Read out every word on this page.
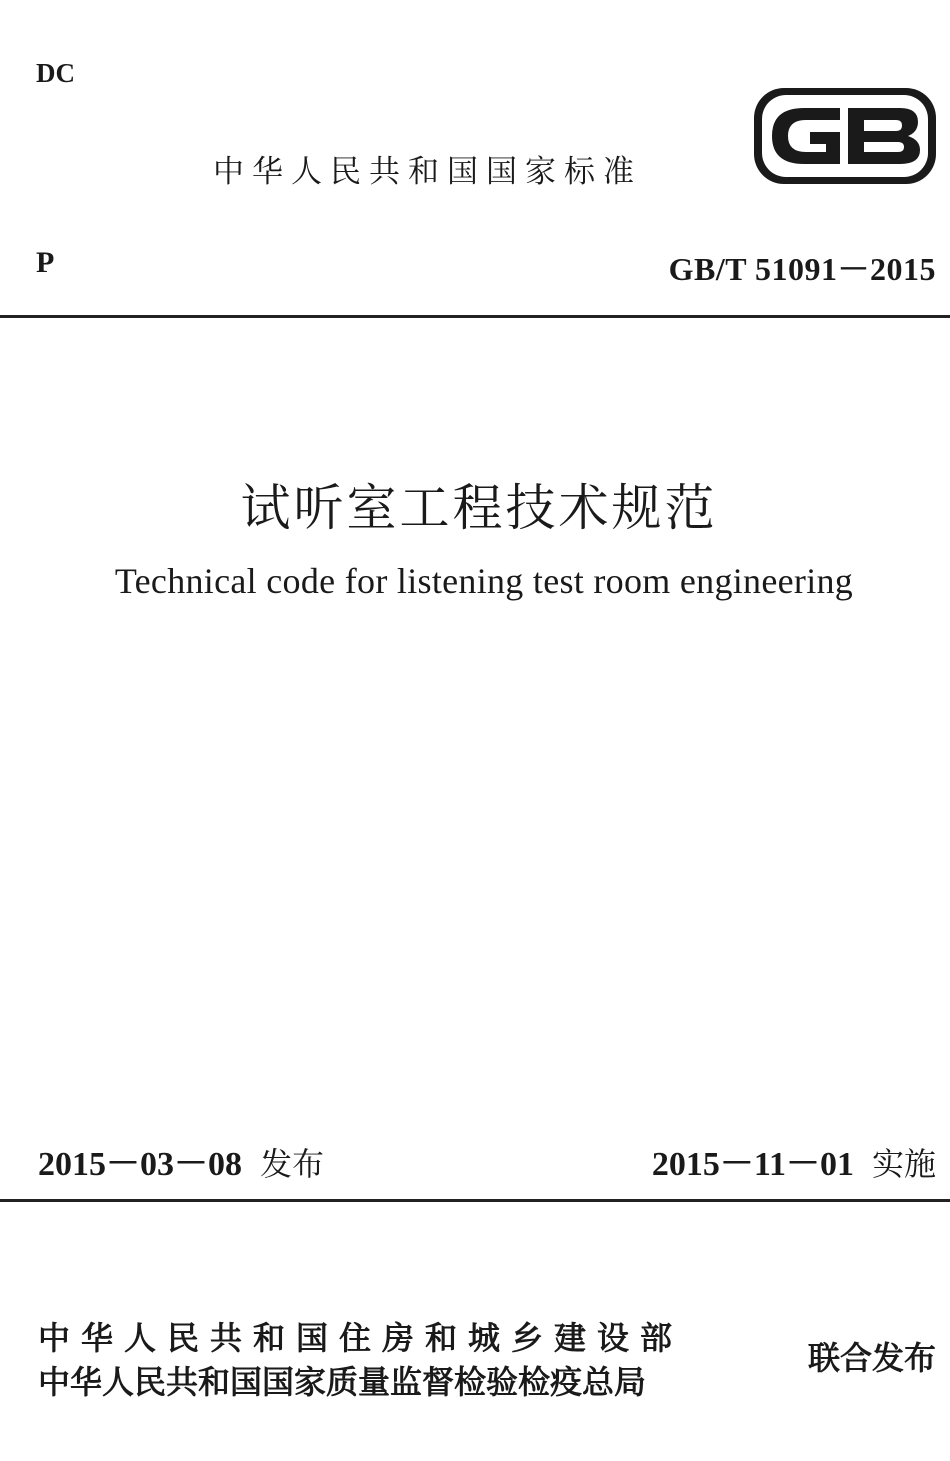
DC
中华人民共和国国家标准
P	GB/T 51091－2015
试听室工程技术规范
Technical code for listening test room engineering
2015－03－08 发布	2015－11－01 实施
中华人民共和国住房和城乡建设部
中华人民共和国国家质量监督检验检疫总局
联合发布
